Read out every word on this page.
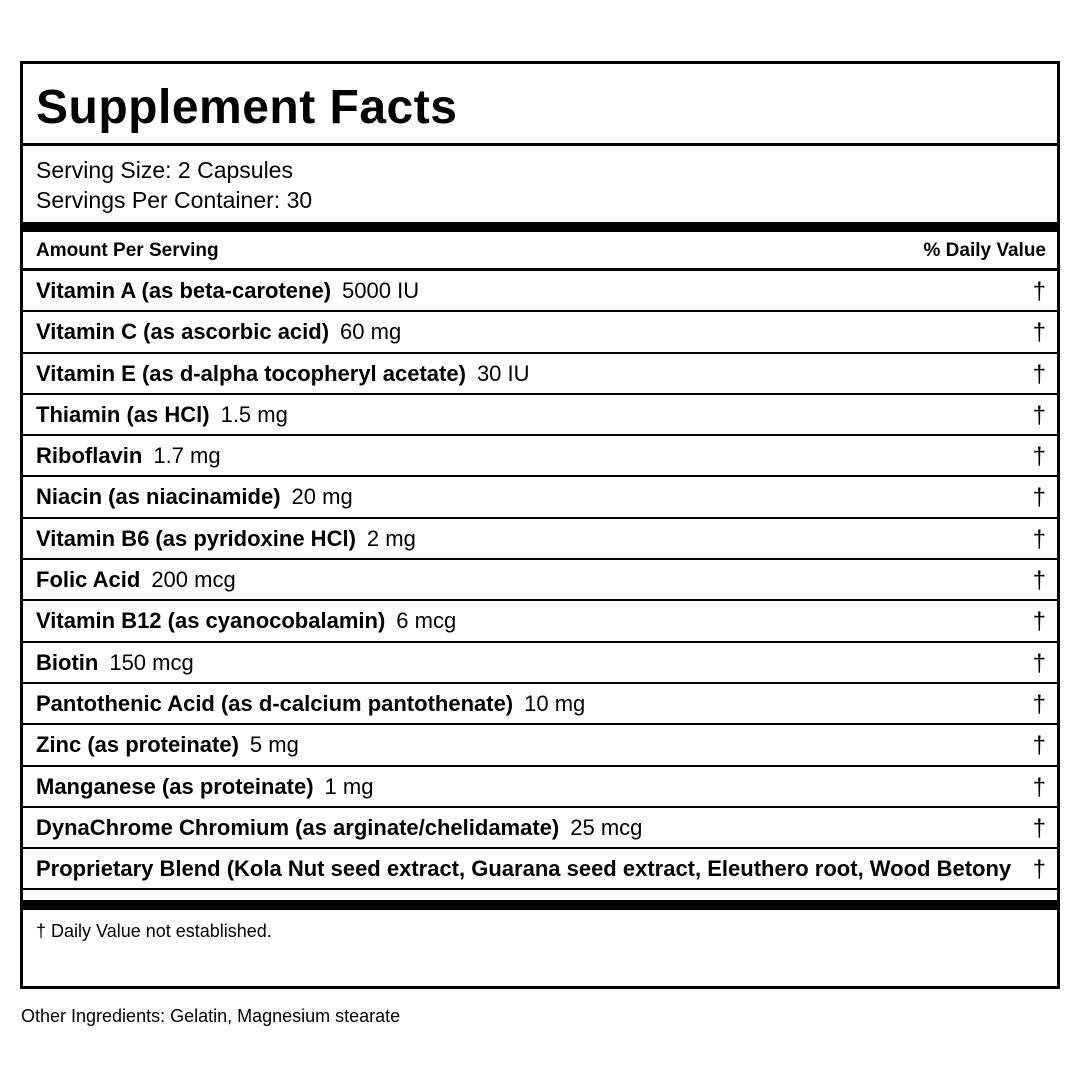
Supplement Facts
Serving Size: 2 Capsules
Servings Per Container: 30
Amount Per Serving	% Daily Value
Vitamin A (as beta-carotene) 5000 IU	†
Vitamin C (as ascorbic acid) 60 mg	†
Vitamin E (as d-alpha tocopheryl acetate) 30 IU	†
Thiamin (as HCl) 1.5 mg	†
Riboflavin 1.7 mg	†
Niacin (as niacinamide) 20 mg	†
Vitamin B6 (as pyridoxine HCl) 2 mg	†
Folic Acid 200 mcg	†
Vitamin B12 (as cyanocobalamin) 6 mcg	†
Biotin 150 mcg	†
Pantothenic Acid (as d-calcium pantothenate) 10 mg	†
Zinc (as proteinate) 5 mg	†
Manganese (as proteinate) 1 mg	†
DynaChrome Chromium (as arginate/chelidamate) 25 mcg	†
Proprietary Blend (Kola Nut seed extract, Guarana seed extract, Eleuthero root, Wood Betony †
† Daily Value not established.
Other Ingredients: Gelatin, Magnesium stearate
